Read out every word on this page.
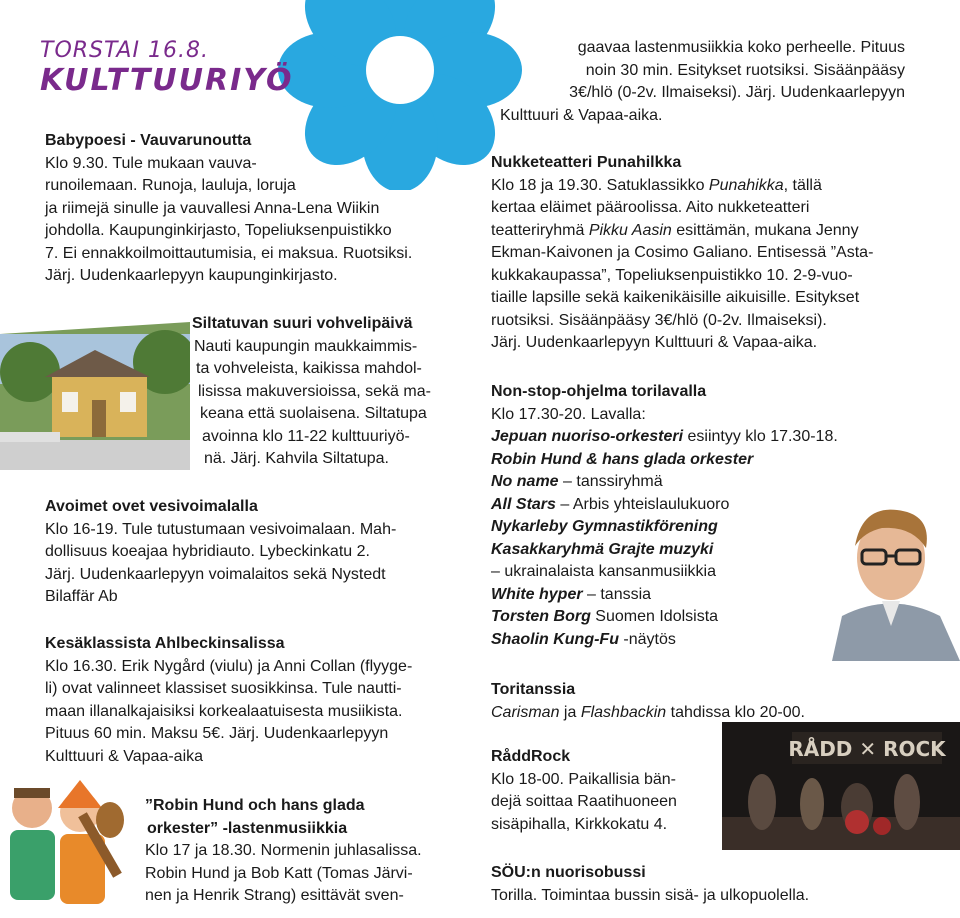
TORSTAI 16.8.
KULTTUURIYÖ
Babypoesi - Vauvarunoutta
Klo 9.30. Tule mukaan vauva-
runoilemaan. Runoja, lauluja, loruja
ja riimejä sinulle ja vauvallesi Anna-Lena Wiikin
johdolla. Kaupunginkirjasto, Topeliuksenpuistikko
7. Ei ennakkoilmoittautumisia, ei maksua. Ruotsiksi.
Järj. Uudenkaarlepyyn kaupunginkirjasto.
Siltatuvan suuri vohvelipäivä
Nauti kaupungin maukkaimmis-
ta vohveleista, kaikissa mahdol-
lisissa makuversioissa, sekä ma-
keana että suolaisena. Siltatupa
avoinna klo 11-22 kulttuuriyö-
nä. Järj. Kahvila Siltatupa.
Avoimet ovet vesivoimalalla
Klo 16-19. Tule tutustumaan vesivoimalaan. Mah-
dollisuus koeajaa hybridiauto. Lybeckinkatu 2.
Järj. Uudenkaarlepyyn voimalaitos sekä Nystedt
Bilaffär Ab
Kesäklassista Ahlbeckinsalissa
Klo 16.30. Erik Nygård (viulu) ja Anni Collan (flyyge-
li) ovat valinneet klassiset suosikkinsa. Tule nautti-
maan illanalkajaisiksi korkealaatuisesta musiikista.
Pituus 60 min. Maksu 5€. Järj. Uudenkaarlepyyn
Kulttuuri & Vapaa-aika
”Robin Hund och hans glada
orkester” -lastenmusiikkia
Klo 17 ja 18.30. Normenin juhlasalissa.
Robin Hund ja Bob Katt (Tomas Järvi-
nen ja Henrik Strang) esittävät sven-
gaavaa lastenmusiikkia koko perheelle. Pituus
noin 30 min. Esitykset ruotsiksi. Sisäänpääsy
3€/hlö (0-2v. Ilmaiseksi). Järj. Uudenkaarlepyyn
Kulttuuri & Vapaa-aika.
Nukketeatteri Punahilkka
Klo 18 ja 19.30. Satuklassikko Punahikka, tällä
kertaa eläimet pääroolissa. Aito nukketeatteri
teatteriryhmä Pikku Aasin esittämän, mukana Jenny
Ekman-Kaivonen ja Cosimo Galiano. Entisessä ”Asta-
kukkakaupassa”, Topeliuksenpuistikko 10. 2-9-vuo-
tiaille lapsille sekä kaikenikäisille aikuisille. Esitykset
ruotsiksi. Sisäänpääsy 3€/hlö (0-2v. Ilmaiseksi).
Järj. Uudenkaarlepyyn Kulttuuri & Vapaa-aika.
Non-stop-ohjelma torilavalla
Klo 17.30-20. Lavalla:
Jepuan nuoriso-orkesteri esiintyy klo 17.30-18.
Robin Hund & hans glada orkester
No name – tanssiryhmä
All Stars – Arbis yhteislaulukuoro
Nykarleby Gymnastikförening
Kasakkaryhmä Grajte muzyki
– ukrainalaista kansanmusiikkia
White hyper – tanssia
Torsten Borg Suomen Idolsista
Shaolin Kung-Fu -näytös
Toritanssia
Carisman ja Flashbackin tahdissa klo 20-00.
RÅDD ✕ ROCK
RåddRock
Klo 18-00. Paikallisia bän-
dejä soittaa Raatihuoneen
sisäpihalla, Kirkkokatu 4.
SÖU:n nuorisobussi
Torilla. Toimintaa bussin sisä- ja ulkopuolella.
